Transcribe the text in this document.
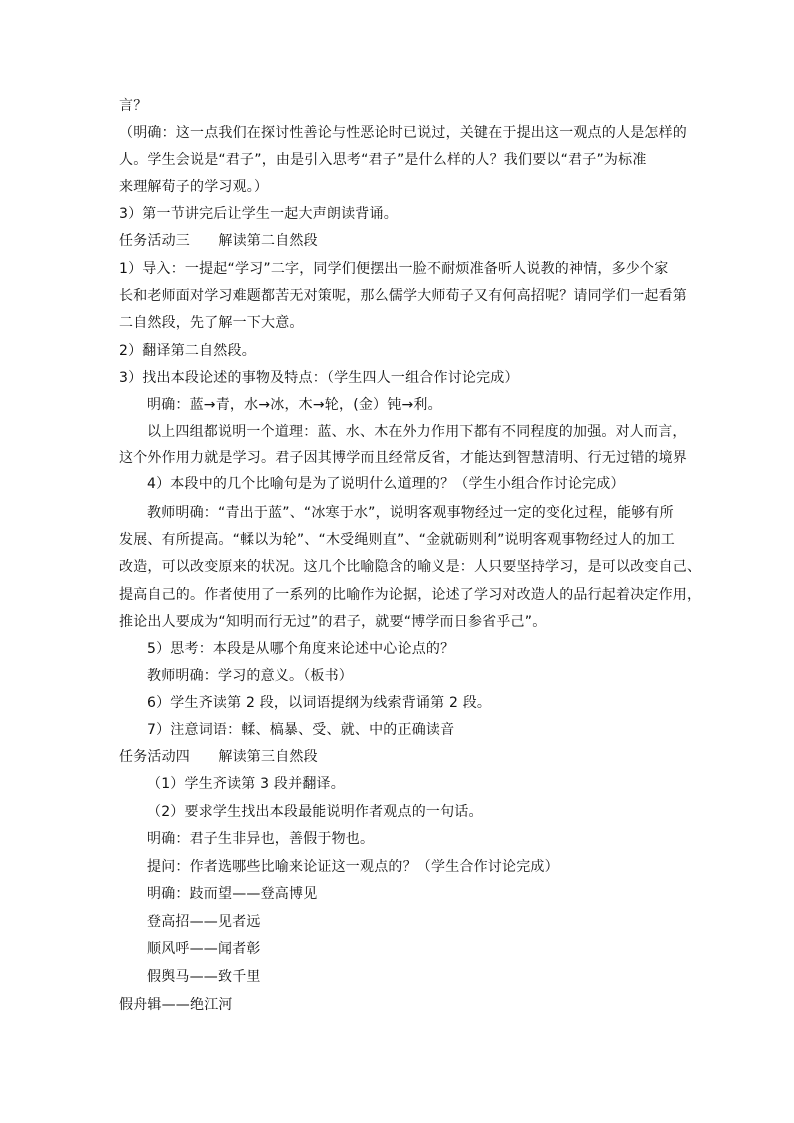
言？
（明确：这一点我们在探讨性善论与性恶论时已说过，关键在于提出这一观点的人是怎样的
人。学生会说是“君子”，由是引入思考“君子”是什么样的人？我们要以“君子”为标准
来理解荀子的学习观。）
3）第一节讲完后让学生一起大声朗读背诵。
任务活动三　　解读第二自然段
1）导入：一提起“学习”二字，同学们便摆出一脸不耐烦准备听人说教的神情，多少个家
长和老师面对学习难题都苦无对策呢，那么儒学大师荀子又有何高招呢？请同学们一起看第
二自然段，先了解一下大意。
2）翻译第二自然段。
3）找出本段论述的事物及特点：（学生四人一组合作讨论完成）
明确：蓝→青，水→冰，木→轮，(金）钝→利。
以上四组都说明一个道理：蓝、水、木在外力作用下都有不同程度的加强。对人而言，
这个外作用力就是学习。君子因其博学而且经常反省，才能达到智慧清明、行无过错的境界
4）本段中的几个比喻句是为了说明什么道理的？（学生小组合作讨论完成）
教师明确：“青出于蓝”、“冰寒于水”，说明客观事物经过一定的变化过程，能够有所
发展、有所提高。“輮以为轮”、“木受绳则直”、“金就砺则利”说明客观事物经过人的加工
改造，可以改变原来的状况。这几个比喻隐含的喻义是：人只要坚持学习，是可以改变自己、
提高自己的。作者使用了一系列的比喻作为论据，论述了学习对改造人的品行起着决定作用，
推论出人要成为“知明而行无过”的君子，就要“博学而日参省乎己”。
5）思考：本段是从哪个角度来论述中心论点的？
教师明确：学习的意义。（板书）
6）学生齐读第 2 段，以词语提纲为线索背诵第 2 段。
7）注意词语：輮、槁暴、受、就、中的正确读音
任务活动四　　解读第三自然段
（1）学生齐读第 3 段并翻译。
（2）要求学生找出本段最能说明作者观点的一句话。
明确：君子生非异也，善假于物也。
提问：作者选哪些比喻来论证这一观点的？（学生合作讨论完成）
明确：跂而望——登高博见
登高招——见者远
顺风呼——闻者彰
假舆马——致千里
假舟辑——绝江河
